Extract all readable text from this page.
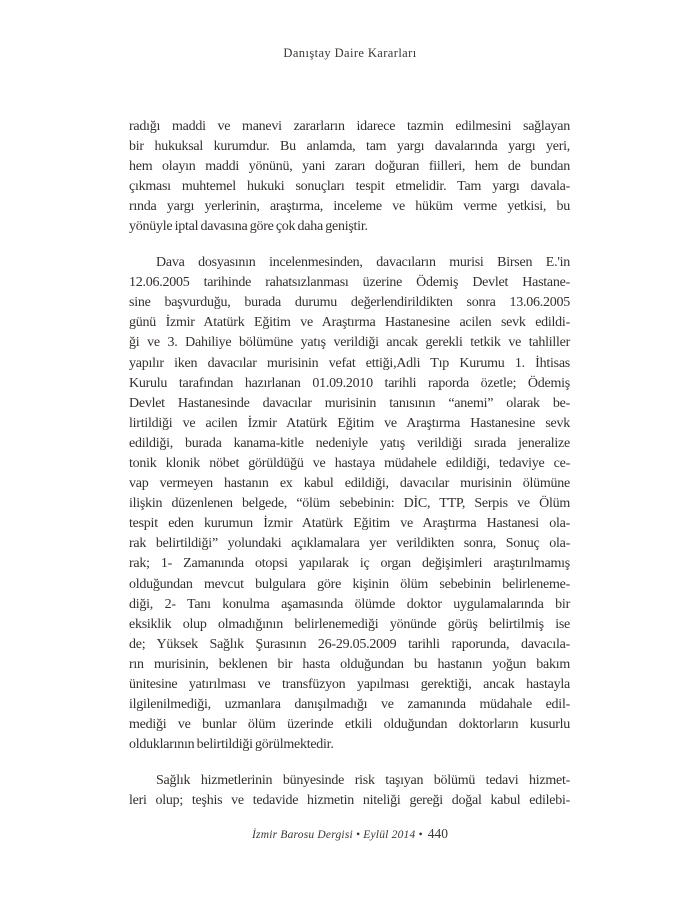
Danıştay Daire Kararları

radığı maddi ve manevi zararların idarece tazmin edilmesini sağlayan
bir hukuksal kurumdur. Bu anlamda, tam yargı davalarında yargı yeri,
hem olayın maddi yönünü, yani zararı doğuran fiilleri, hem de bundan
çıkması muhtemel hukuki sonuçları tespit etmelidir. Tam yargı davala-
rında yargı yerlerinin, araştırma, inceleme ve hüküm verme yetkisi, bu
yönüyle iptal davasına göre çok daha geniştir.

Dava dosyasının incelenmesinden, davacıların murisi Birsen E.'in
12.06.2005 tarihinde rahatsızlanması üzerine Ödemiş Devlet Hastane-
sine başvurduğu, burada durumu değerlendirildikten sonra 13.06.2005
günü İzmir Atatürk Eğitim ve Araştırma Hastanesine acilen sevk edildi-
ği ve 3. Dahiliye bölümüne yatış verildiği ancak gerekli tetkik ve tahliller
yapılır iken davacılar murisinin vefat ettiği,Adli Tıp Kurumu 1. İhtisas
Kurulu tarafından hazırlanan 01.09.2010 tarihli raporda özetle; Ödemiş
Devlet Hastanesinde davacılar murisinin tanısının “anemi” olarak be-
lirtildiği ve acilen İzmir Atatürk Eğitim ve Araştırma Hastanesine sevk
edildiği, burada kanama-kitle nedeniyle yatış verildiği sırada jeneralize
tonik klonik nöbet görüldüğü ve hastaya müdahele edildiği, tedaviye ce-
vap vermeyen hastanın ex kabul edildiği, davacılar murisinin ölümüne
ilişkin düzenlenen belgede, “ölüm sebebinin: DİC, TTP, Serpis ve Ölüm
tespit eden kurumun İzmir Atatürk Eğitim ve Araştırma Hastanesi ola-
rak belirtildiği” yolundaki açıklamalara yer verildikten sonra, Sonuç ola-
rak; 1- Zamanında otopsi yapılarak iç organ değişimleri araştırılmamış
olduğundan mevcut bulgulara göre kişinin ölüm sebebinin belirleneme-
diği, 2- Tanı konulma aşamasında ölümde doktor uygulamalarında bir
eksiklik olup olmadığının belirlenemediği yönünde görüş belirtilmiş ise
de; Yüksek Sağlık Şurasının 26-29.05.2009 tarihli raporunda, davacıla-
rın murisinin, beklenen bir hasta olduğundan bu hastanın yoğun bakım
ünitesine yatırılması ve transfüzyon yapılması gerektiği, ancak hastayla
ilgilenilmediği, uzmanlara danışılmadığı ve zamanında müdahale edil-
mediği ve bunlar ölüm üzerinde etkili olduğundan doktorların kusurlu
olduklarının belirtildiği görülmektedir.

Sağlık hizmetlerinin bünyesinde risk taşıyan bölümü tedavi hizmet-
leri olup; teşhis ve tedavide hizmetin niteliği gereği doğal kabul edilebi-

İzmir Barosu Dergisi • Eylül 2014 • 440
